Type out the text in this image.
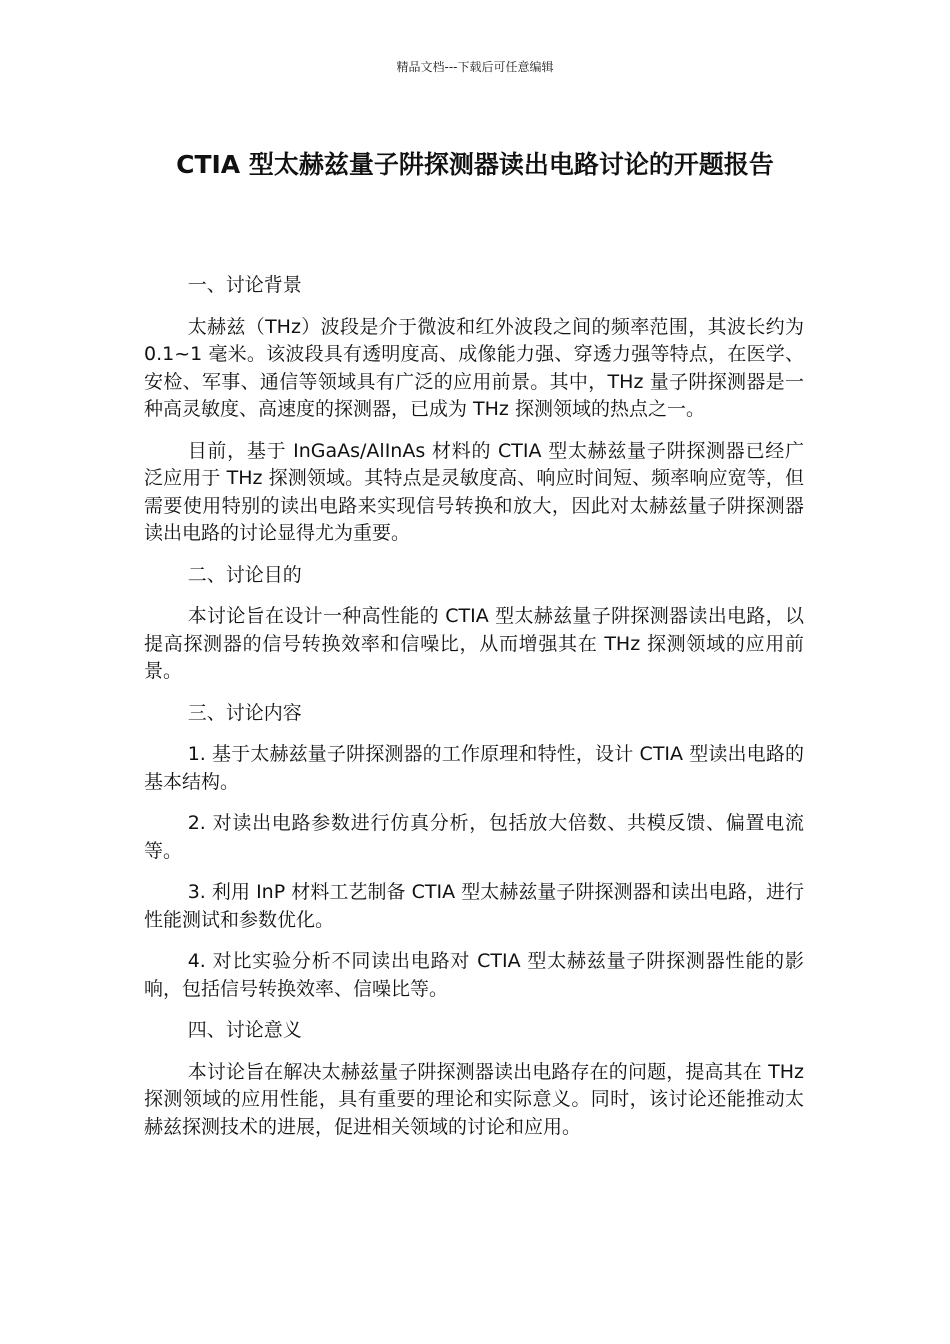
精品文档---下载后可任意编辑
CTIA 型太赫兹量子阱探测器读出电路讨论的开题报告

一、讨论背景

太赫兹（THz）波段是介于微波和红外波段之间的频率范围，其波长约为 0.1~1 毫米。该波段具有透明度高、成像能力强、穿透力强等特点，在医学、安检、军事、通信等领域具有广泛的应用前景。其中，THz 量子阱探测器是一种高灵敏度、高速度的探测器，已成为 THz 探测领域的热点之一。

目前，基于 InGaAs/AlInAs 材料的 CTIA 型太赫兹量子阱探测器已经广泛应用于 THz 探测领域。其特点是灵敏度高、响应时间短、频率响应宽等，但需要使用特别的读出电路来实现信号转换和放大，因此对太赫兹量子阱探测器读出电路的讨论显得尤为重要。

二、讨论目的

本讨论旨在设计一种高性能的 CTIA 型太赫兹量子阱探测器读出电路，以提高探测器的信号转换效率和信噪比，从而增强其在 THz 探测领域的应用前景。

三、讨论内容

1. 基于太赫兹量子阱探测器的工作原理和特性，设计 CTIA 型读出电路的基本结构。

2. 对读出电路参数进行仿真分析，包括放大倍数、共模反馈、偏置电流等。

3. 利用 InP 材料工艺制备 CTIA 型太赫兹量子阱探测器和读出电路，进行性能测试和参数优化。

4. 对比实验分析不同读出电路对 CTIA 型太赫兹量子阱探测器性能的影响，包括信号转换效率、信噪比等。

四、讨论意义

本讨论旨在解决太赫兹量子阱探测器读出电路存在的问题，提高其在 THz 探测领域的应用性能，具有重要的理论和实际意义。同时，该讨论还能推动太赫兹探测技术的进展，促进相关领域的讨论和应用。
